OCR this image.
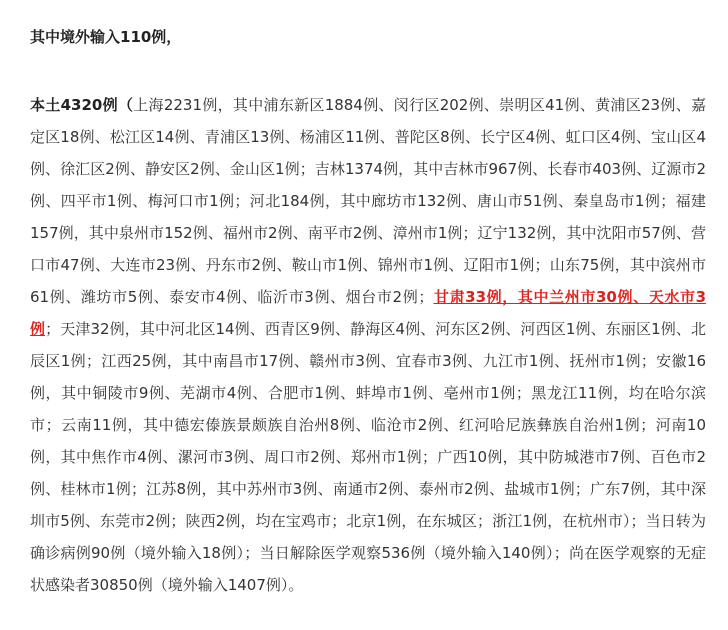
其中境外输入110例，

本土4320例（上海2231例，其中浦东新区1884例、闵行区202例、崇明区41例、黄浦区23例、嘉定区18例、松江区14例、青浦区13例、杨浦区11例、普陀区8例、长宁区4例、虹口区4例、宝山区4例、徐汇区2例、静安区2例、金山区1例；吉林1374例，其中吉林市967例、长春市403例、辽源市2例、四平市1例、梅河口市1例；河北184例，其中廊坊市132例、唐山市51例、秦皇岛市1例；福建157例，其中泉州市152例、福州市2例、南平市2例、漳州市1例；辽宁132例，其中沈阳市57例、营口市47例、大连市23例、丹东市2例、鞍山市1例、锦州市1例、辽阳市1例；山东75例，其中滨州市61例、潍坊市5例、泰安市4例、临沂市3例、烟台市2例；甘肃33例，其中兰州市30例、天水市3例；天津32例，其中河北区14例、西青区9例、静海区4例、河东区2例、河西区1例、东丽区1例、北辰区1例；江西25例，其中南昌市17例、赣州市3例、宜春市3例、九江市1例、抚州市1例；安徽16例，其中铜陵市9例、芜湖市4例、合肥市1例、蚌埠市1例、亳州市1例；黑龙江11例，均在哈尔滨市；云南11例，其中德宏傣族景颇族自治州8例、临沧市2例、红河哈尼族彝族自治州1例；河南10例，其中焦作市4例、漯河市3例、周口市2例、郑州市1例；广西10例，其中防城港市7例、百色市2例、桂林市1例；江苏8例，其中苏州市3例、南通市2例、泰州市2例、盐城市1例；广东7例，其中深圳市5例、东莞市2例；陕西2例，均在宝鸡市；北京1例，在东城区；浙江1例，在杭州市）；当日转为确诊病例90例（境外输入18例）；当日解除医学观察536例（境外输入140例）；尚在医学观察的无症状感染者30850例（境外输入1407例）。
